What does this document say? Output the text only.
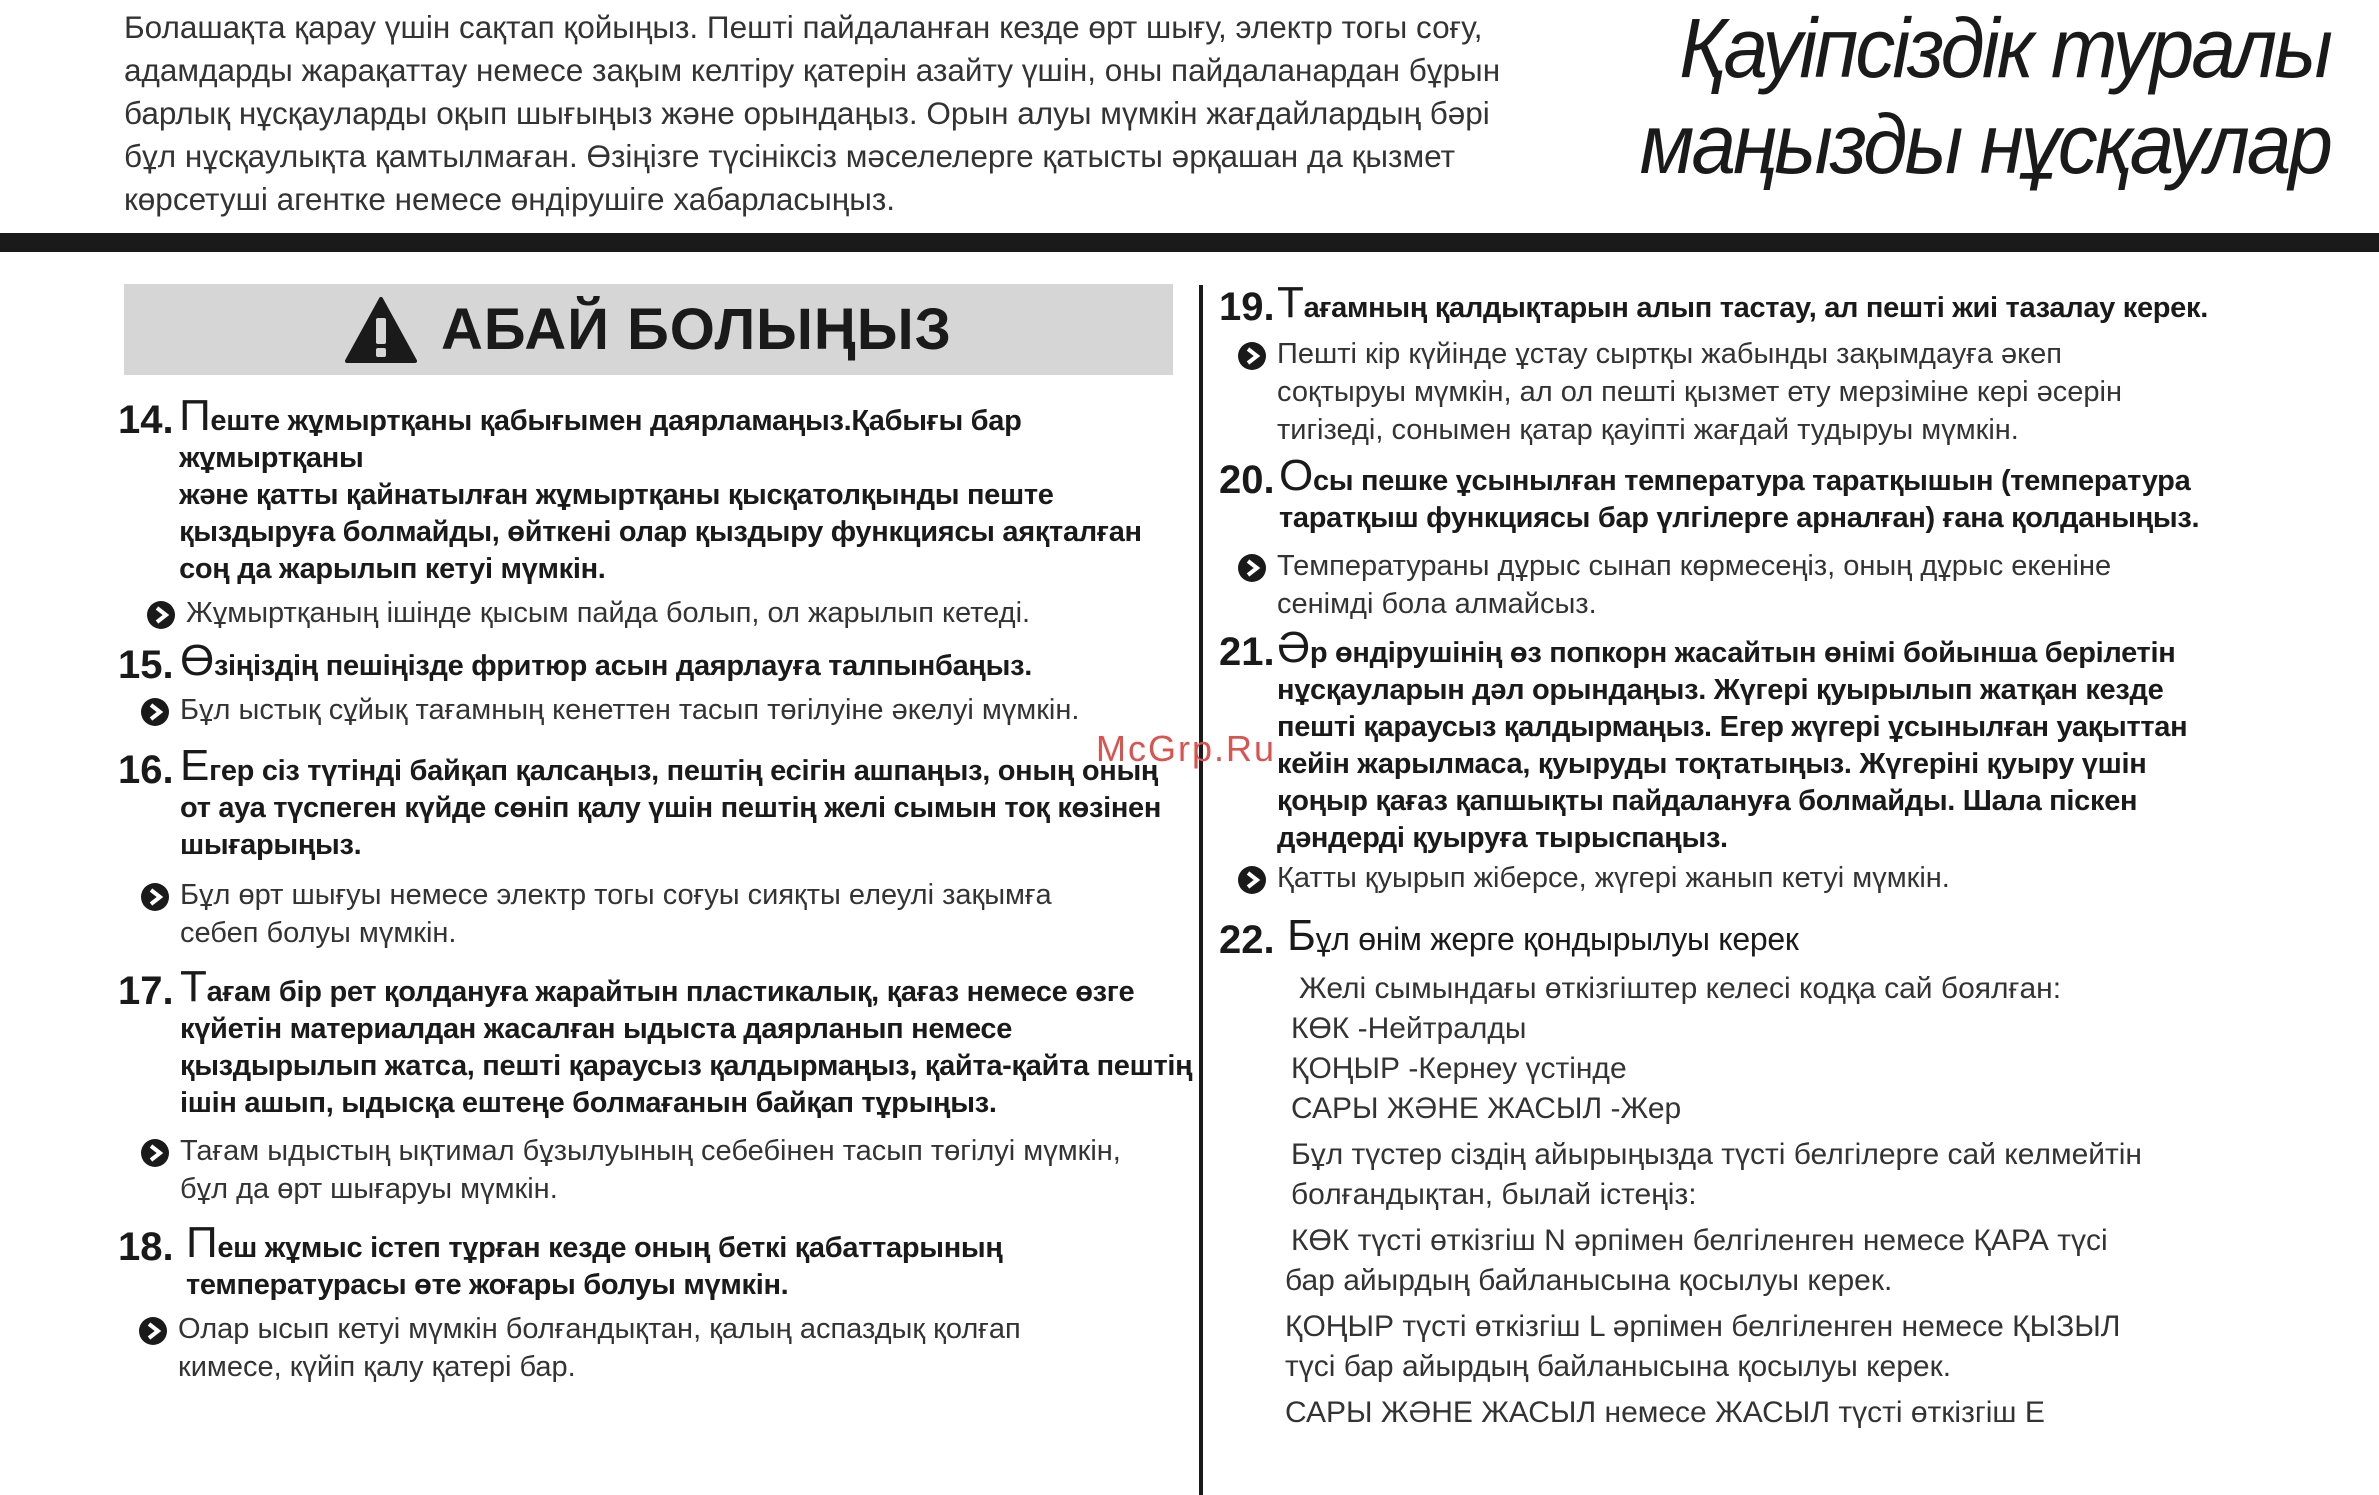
Болашақта қарау үшін сақтап қойыңыз. Пешті пайдаланған кезде өрт шығу, электр тогы соғу,
адамдарды жарақаттау немесе зақым келтіру қатерін азайту үшін, оны пайдаланардан бұрын
барлық нұсқауларды оқып шығыңыз және орындаңыз. Орын алуы мүмкін жағдайлардың бәрі
бұл нұсқаулықта қамтылмаған. Өзіңізге түсініксіз мәселелерге қатысты әрқашан да қызмет
көрсетуші агентке немесе өндірушіге хабарласыңыз.
Қауіпсіздік туралы
маңызды нұсқаулар
АБАЙ БОЛЫҢЫЗ
14. Пеште жұмыртқаны қабығымен даярламаңыз.Қабығы бар жұмыртқаны
және қатты қайнатылған жұмыртқаны қысқатолқынды пеште
қыздыруға болмайды, өйткені олар қыздыру функциясы аяқталған
соң да жарылып кетуі мүмкін.
Жұмыртқаның ішінде қысым пайда болып, ол жарылып кетеді.
15. Өзіңіздің пешіңізде фритюр асын даярлауға талпынбаңыз.
Бұл ыстық сұйық тағамның кенеттен тасып төгілуіне әкелуі мүмкін.
16. Егер сіз түтінді байқап қалсаңыз, пештің есігін ашпаңыз, оның оның
от ауа түспеген күйде сөніп қалу үшін пештің желі сымын тоқ көзінен
шығарыңыз.
Бұл өрт шығуы немесе электр тогы соғуы сияқты елеулі зақымға
себеп болуы мүмкін.
17. Тағам бір рет қолдануға жарайтын пластикалық, қағаз немесе өзге
күйетін материалдан жасалған ыдыста даярланып немесе
қыздырылып жатса, пешті қараусыз қалдырмаңыз, қайта-қайта пештің
ішін ашып, ыдысқа ештеңе болмағанын байқап тұрыңыз.
Тағам ыдыстың ықтимал бұзылуының себебінен тасып төгілуі мүмкін,
бұл да өрт шығаруы мүмкін.
18. Пеш жұмыс істеп тұрған кезде оның беткі қабаттарының
температурасы өте жоғары болуы мүмкін.
Олар ысып кетуі мүмкін болғандықтан, қалың аспаздық қолғап
кимесе, күйіп қалу қатері бар.
McGrp.Ru
19. Тағамның қалдықтарын алып тастау, ал пешті жиі тазалау керек.
Пешті кір күйінде ұстау сыртқы жабынды зақымдауға әкеп
соқтыруы мүмкін, ал ол пешті қызмет ету мерзіміне кері әсерін
тигізеді, сонымен қатар қауіпті жағдай тудыруы мүмкін.
20. Осы пешке ұсынылған температура таратқышын (температура
таратқыш функциясы бар үлгілерге арналған) ғана қолданыңыз.
Температураны дұрыс сынап көрмесеңіз, оның дұрыс екеніне
сенімді бола алмайсыз.
21. Әр өндірушінің өз попкорн жасайтын өнімі бойынша берілетін
нұсқауларын дәл орындаңыз. Жүгері қуырылып жатқан кезде
пешті қараусыз қалдырмаңыз. Егер жүгері ұсынылған уақыттан
кейін жарылмаса, қуыруды тоқтатыңыз. Жүгеріні қуыру үшін
қоңыр қағаз қапшықты пайдалануға болмайды. Шала піскен
дәндерді қуыруға тырыспаңыз.
Қатты қуырып жіберсе, жүгері жанып кетуі мүмкін.
22. Бұл өнім жерге қондырылуы керек
Желі сымындағы өткізгіштер келесі кодқа сай боялған:
КӨК -Нейтралды
ҚОҢЫР -Кернеу үстінде
САРЫ ЖӘНЕ ЖАСЫЛ -Жер
Бұл түстер сіздің айырыңызда түсті белгілерге сай келмейтін
болғандықтан, былай істеңіз:
КӨК түсті өткізгіш N әрпімен белгіленген немесе ҚАРА түсі
бар айырдың байланысына қосылуы керек.
ҚОҢЫР түсті өткізгіш L әрпімен белгіленген немесе ҚЫЗЫЛ
түсі бар айырдың байланысына қосылуы керек.
САРЫ ЖӘНЕ ЖАСЫЛ немесе ЖАСЫЛ түсті өткізгіш E
